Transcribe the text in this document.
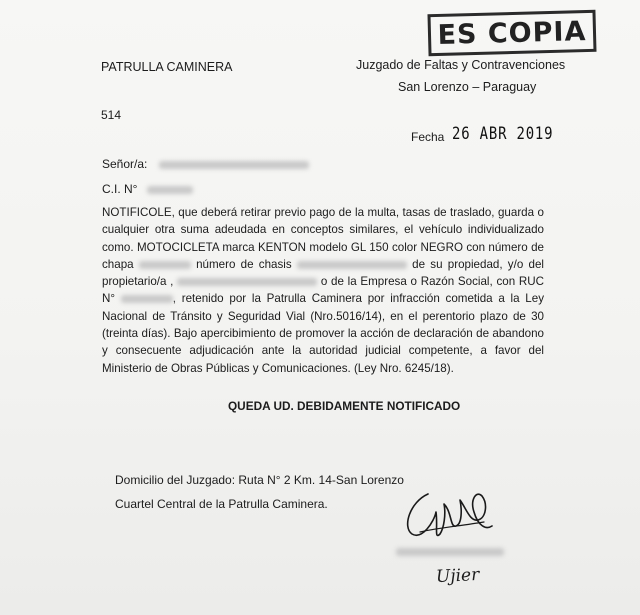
ES COPIA
PATRULLA CAMINERA	Juzgado de Faltas y Contravenciones
San Lorenzo – Paraguay
514
Fecha 26 ABR 2019
Señor/a:
C.I. N°
NOTIFICOLE, que deberá retirar previo pago de la multa, tasas de traslado, guarda o cualquier otra suma adeudada en conceptos similares, el vehículo individualizado como. MOTOCICLETA marca KENTON modelo GL 150 color NEGRO con número de chapa	número de chasis	de su propiedad, y/o del propietario/a ,	o de la Empresa o Razón Social, con RUC N°	, retenido por la Patrulla Caminera por infracción cometida a la Ley Nacional de Tránsito y Seguridad Vial (Nro.5016/14), en el perentorio plazo de 30 (treinta días). Bajo apercibimiento de promover la acción de declaración de abandono y consecuente adjudicación ante la autoridad judicial competente, a favor del Ministerio de Obras Públicas y Comunicaciones. (Ley Nro. 6245/18).
QUEDA UD. DEBIDAMENTE NOTIFICADO
Domicilio del Juzgado: Ruta N° 2 Km. 14-San Lorenzo
Cuartel Central de la Patrulla Caminera.
Ujier
